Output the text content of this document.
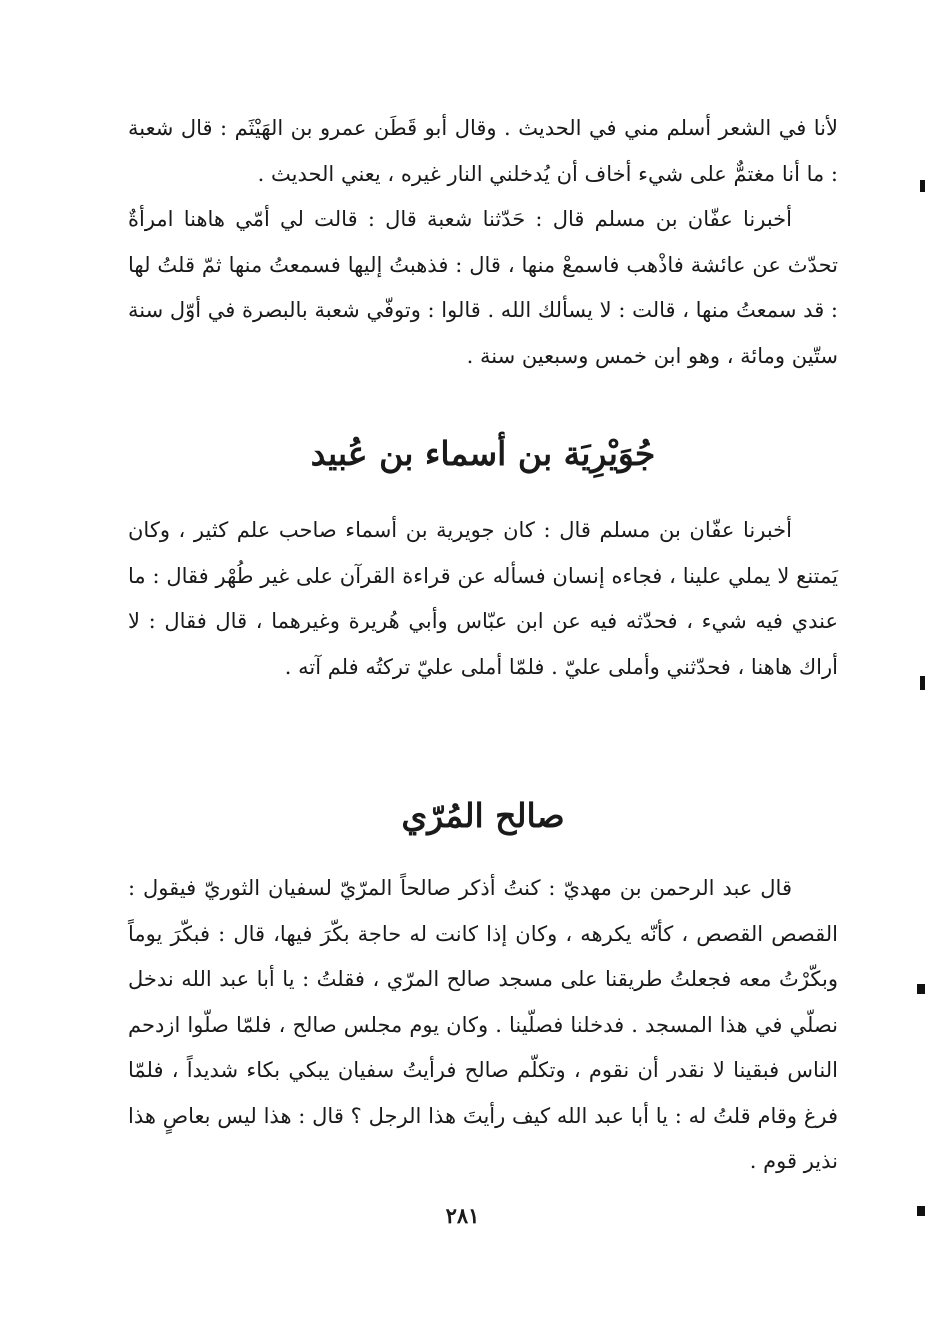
لأنا في الشعر أسلم مني في الحديث . وقال أبو قَطَن عمرو بن الهَيْثَم : قال شعبة : ما أنا مغتمٌّ على شيء أخاف أن يُدخلني النار غيره ، يعني الحديث .

أخبرنا عفّان بن مسلم قال : حَدّثنا شعبة قال : قالت لي أمّي هاهنا امرأةٌ تحدّث عن عائشة فاذْهب فاسمعْ منها ، قال : فذهبتُ إليها فسمعتُ منها ثمّ قلتُ لها : قد سمعتُ منها ، قالت : لا يسألك الله . قالوا : وتوفّي شعبة بالبصرة في أوّل سنة ستّين ومائة ، وهو ابن خمس وسبعين سنة .

جُوَيْرِيَة بن أسماء بن عُبيد

أخبرنا عفّان بن مسلم قال : كان جويرية بن أسماء صاحب علم كثير ، وكان يَمتنع لا يملي علينا ، فجاءه إنسان فسأله عن قراءة القرآن على غير طُهْر فقال : ما عندي فيه شيء ، فحدّثه فيه عن ابن عبّاس وأبي هُريرة وغيرهما ، قال فقال : لا أراك هاهنا ، فحدّثني وأملى عليّ . فلمّا أملى عليّ تركتُه فلم آته .

صالح المُرّي

قال عبد الرحمن بن مهديّ : كنتُ أذكر صالحاً المرّيّ لسفيان الثوريّ فيقول : القصص القصص ، كأنّه يكرهه ، وكان إذا كانت له حاجة بكّرَ فيها، قال : فبكّرَ يوماً وبكّرْتُ معه فجعلتُ طريقنا على مسجد صالح المرّي ، فقلتُ : يا أبا عبد الله ندخل نصلّي في هذا المسجد . فدخلنا فصلّينا . وكان يوم مجلس صالح ، فلمّا صلّوا ازدحم الناس فبقينا لا نقدر أن نقوم ، وتكلّم صالح فرأيتُ سفيان يبكي بكاء شديداً ، فلمّا فرغ وقام قلتُ له : يا أبا عبد الله كيف رأيتَ هذا الرجل ؟ قال : هذا ليس بعاصٍ هذا نذير قوم .

٢٨١
